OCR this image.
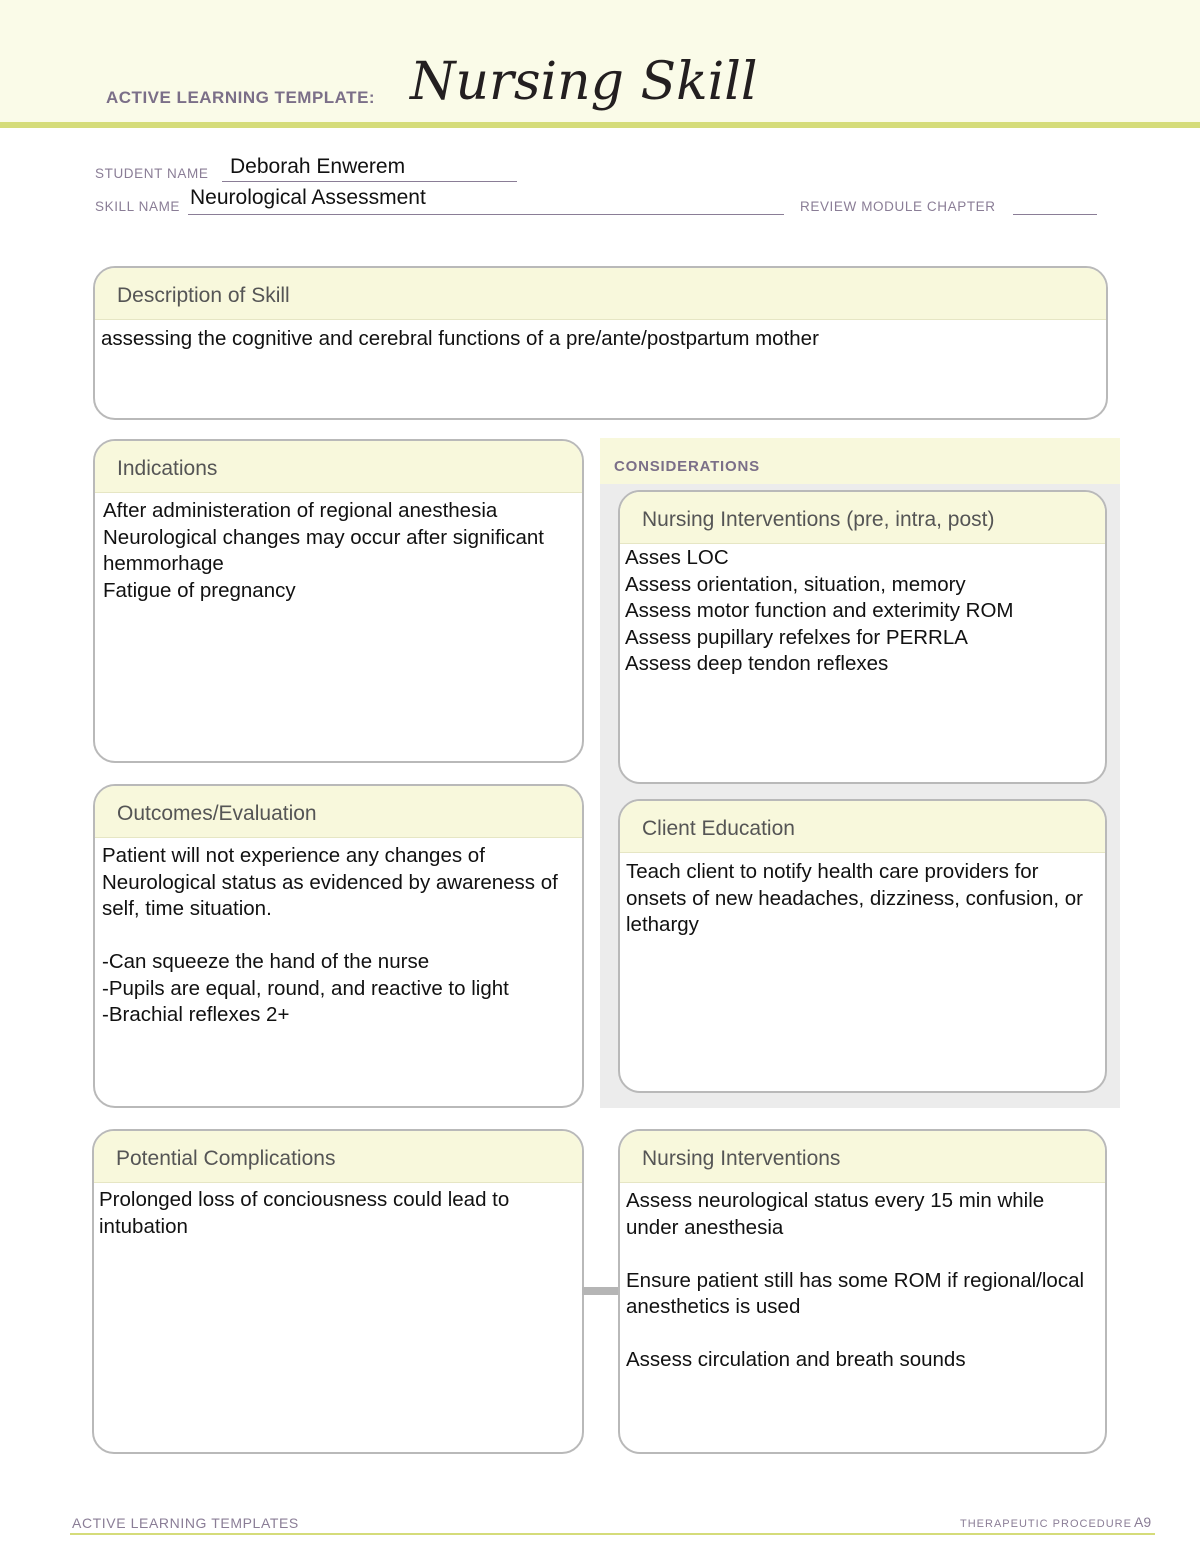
ACTIVE LEARNING TEMPLATE: Nursing Skill
STUDENT NAME Deborah Enwerem
SKILL NAME Neurological Assessment	REVIEW MODULE CHAPTER
Description of Skill
assessing the cognitive and cerebral functions of a pre/ante/postpartum mother
CONSIDERATIONS
Indications
After administeration of regional anesthesia
Neurological changes may occur after significant hemmorhage
Fatigue of pregnancy
Nursing Interventions (pre, intra, post)
Asses LOC
Assess orientation, situation, memory
Assess motor function and exterimity ROM
Assess pupillary refelxes for PERRLA
Assess deep tendon reflexes
Outcomes/Evaluation
Patient will not experience any changes of Neurological status as evidenced by awareness of self, time situation.

-Can squeeze the hand of the nurse
-Pupils are equal, round, and reactive to light
-Brachial reflexes 2+
Client Education
Teach client to notify health care providers for onsets of new headaches, dizziness, confusion, or lethargy
Potential Complications
Prolonged loss of conciousness could lead to intubation
Nursing Interventions
Assess neurological status every 15 min while under anesthesia

Ensure patient still has some ROM if regional/local anesthetics is used

Assess circulation and breath sounds
ACTIVE LEARNING TEMPLATES	THERAPEUTIC PROCEDURE A9
